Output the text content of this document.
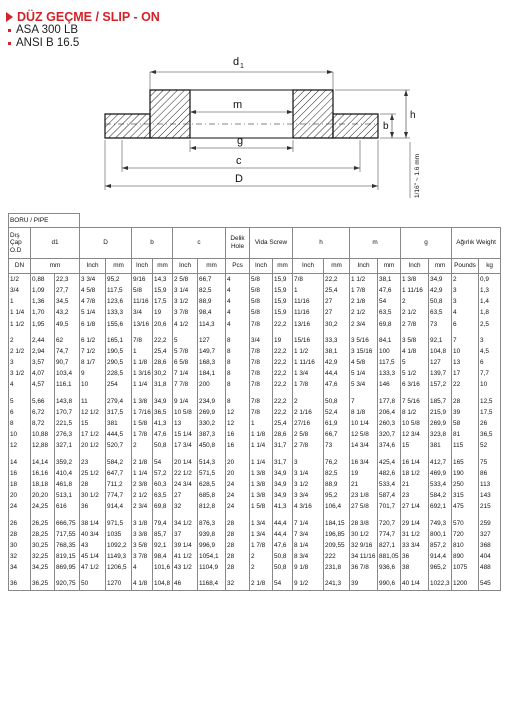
DÜZ GEÇME / SLIP - ON
ASA 300 LB
ANSI B 16.5
d 1
m
g
c
D
b
h
1/16" ~ 1.6 mm
BORU / PIPE																			
Dış Çap O.D	d1		D		b		c		Delik Hole	Vida Screw		h		m		g		Ağırlık Weight	
DN	mm		Inch	mm	Inch	mm	Inch	mm	Pcs	Inch	mm	Inch	mm	Inch	mm	Inch	mm	Pounds	kg
1/2	0,88	22,3	3 3/4	95,2	9/16	14,3	2 5/8	66,7	4	5/8	15,9	7/8	22,2	1 1/2	38,1	1 3/8	34,9	2	0,9
3/4	1,09	27,7	4 5/8	117,5	5/8	15,9	3 1/4	82,5	4	5/8	15,9	1	25,4	1 7/8	47,6	1 11/16	42,9	3	1,3
1	1,36	34,5	4 7/8	123,6	11/16	17,5	3 1/2	88,9	4	5/8	15,9	11/16	27	2 1/8	54	2	50,8	3	1,4
1 1/4	1,70	43,2	5 1/4	133,3	3/4	19	3 7/8	98,4	4	5/8	15,9	11/16	27	2 1/2	63,5	2 1/2	63,5	4	1,8
1 1/2	1,95	49,5	6 1/8	155,6	13/16	20,6	4 1/2	114,3	4	7/8	22,2	13/16	30,2	2 3/4	69,8	2 7/8	73	6	2,5

2	2,44	62	6 1/2	165,1	7/8	22,2	5	127	8	3/4	19	15/16	33,3	3 5/16	84,1	3 5/8	92,1	7	3
2 1/2	2,94	74,7	7 1/2	190,5	1	25,4	5 7/8	149,7	8	7/8	22,2	1 1/2	38,1	3 15/16	100	4 1/8	104,8	10	4,5
3	3,57	90,7	8 1/7	290,5	1 1/8	28,6	6 5/8	168,3	8	7/8	22,2	1 11/16	42,9	4 5/8	117,5	5	127	13	6
3 1/2	4,07	103,4	9	228,5	1 3/16	30,2	7 1/4	184,1	8	7/8	22,2	1 3/4	44,4	5 1/4	133,3	5 1/2	139,7	17	7,7
4	4,57	116,1	10	254	1 1/4	31,8	7 7/8	200	8	7/8	22,2	1 7/8	47,6	5 3/4	146	6 3/16	157,2	22	10

5	5,66	143,8	11	279,4	1 3/8	34,9	9 1/4	234,9	8	7/8	22,2	2	50,8	7	177,8	7 5/16	185,7	28	12,5
6	6,72	170,7	12 1/2	317,5	1 7/16	36,5	10 5/8	269,9	12	7/8	22,2	2 1/16	52,4	8 1/8	206,4	8 1/2	215,9	39	17,5
8	8,72	221,5	15	381	1 5/8	41,3	13	330,2	12	1	25,4	27/16	61,9	10 1/4	260,3	10 5/8	269,9	58	26
10	10,88	276,3	17 1/2	444,5	1 7/8	47,6	15 1/4	387,3	16	1 1/8	28,6	2 5/8	66,7	12 5/8	320,7	12 3/4	323,8	81	36,5
12	12,88	327,1	20 1/2	520,7	2	50,8	17 3/4	450,8	16	1 1/4	31,7	2 7/8	73	14 3/4	374,6	15	381	115	52

14	14,14	359,2	23	584,2	2 1/8	54	20 1/4	514,3	20	1 1/4	31,7	3	76,2	16 3/4	425,4	16 1/4	412,7	165	75
16	16,16	410,4	25 1/2	647,7	1 1/4	57,2	22 1/2	571,5	20	1 3/8	34,9	3 1/4	82,5	19	482,6	18 1/2	469,9	190	86
18	18,18	461,8	28	711,2	2 3/8	60,3	24 3/4	628,5	24	1 3/8	34,9	3 1/2	88,9	21	533,4	21	533,4	250	113
20	20,20	513,1	30 1/2	774,7	2 1/2	63,5	27	685,8	24	1 3/8	34,9	3 3/4	95,2	23 1/8	587,4	23	584,2	315	143
24	24,25	616	36	914,4	2 3/4	69,8	32	812,8	24	1 5/8	41,3	4 3/16	106,4	27 5/8	701,7	27 1/4	692,1	475	215

26	26,25	666,75	38 1/4	971,5	3 1/8	79,4	34 1/2	876,3	28	1 3/4	44,4	7 1/4	184,15	28 3/8	720,7	29 1/4	749,3	570	259
28	28,25	717,55	40 3/4	1035	3 3/8	85,7	37	939,8	28	1 3/4	44,4	7 3/4	196,85	30 1/2	774,7	31 1/2	800,1	720	327
30	30,25	768,35	43	1092,2	3 5/8	92,1	39 1/4	996,9	28	1 7/8	47,6	8 1/4	209,55	32 9/16	827,1	33 3/4	857,2	810	368
32	32,25	819,15	45 1/4	1149,3	3 7/8	98,4	41 1/2	1054,1	28	2	50,8	8 3/4	222	34 11/16	881,05	36	914,4	890	404
34	34,25	869,95	47 1/2	1206,5	4	101,6	43 1/2	1104,9	28	2	50,8	9 1/8	231,8	36 7/8	936,6	38	965,2	1075	488

36	36,25	920,75	50	1270	4 1/8	104,8	46	1168,4	32	2 1/8	54	9 1/2	241,3	39	990,6	40 1/4	1022,3	1200	545
